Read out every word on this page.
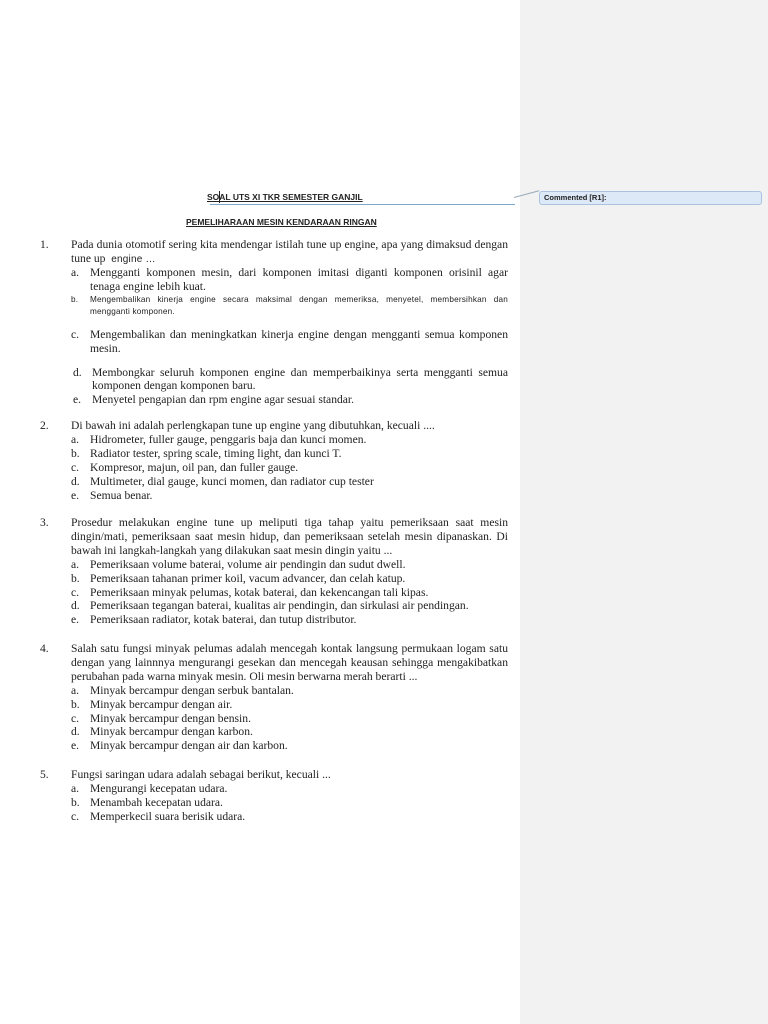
Commented [R1]:
SOAL UTS XI TKR SEMESTER GANJIL
PEMELIHARAAN MESIN KENDARAAN RINGAN
1.	Pada dunia otomotif sering kita mendengar istilah tune up engine, apa yang dimaksud dengan tune up engine …
a. Mengganti komponen mesin, dari komponen imitasi diganti komponen orisinil agar tenaga engine lebih kuat.
b.	Mengembalikan kinerja engine secara maksimal dengan memeriksa, menyetel, membersihkan dan mengganti komponen.
c. Mengembalikan dan meningkatkan kinerja engine dengan mengganti semua komponen mesin.
d. Membongkar seluruh komponen engine dan memperbaikinya serta mengganti semua komponen dengan komponen baru.
e. Menyetel pengapian dan rpm engine agar sesuai standar.
2.	Di bawah ini adalah perlengkapan tune up engine yang dibutuhkan, kecuali ....
a. Hidrometer, fuller gauge, penggaris baja dan kunci momen.
b. Radiator tester, spring scale, timing light, dan kunci T.
c. Kompresor, majun, oil pan, dan fuller gauge.
d. Multimeter, dial gauge, kunci momen, dan radiator cup tester
e. Semua benar.
3.	Prosedur melakukan engine tune up meliputi tiga tahap yaitu pemeriksaan saat mesin dingin/mati, pemeriksaan saat mesin hidup, dan pemeriksaan setelah mesin dipanaskan. Di bawah ini langkah-langkah yang dilakukan saat mesin dingin yaitu ...
a. Pemeriksaan volume baterai, volume air pendingin dan sudut dwell.
b. Pemeriksaan tahanan primer koil, vacum advancer, dan celah katup.
c. Pemeriksaan minyak pelumas, kotak baterai, dan kekencangan tali kipas.
d. Pemeriksaan tegangan baterai, kualitas air pendingin, dan sirkulasi air pendingan.
e. Pemeriksaan radiator, kotak baterai, dan tutup distributor.
4.	Salah satu fungsi minyak pelumas adalah mencegah kontak langsung permukaan logam satu dengan yang lainnnya mengurangi gesekan dan mencegah keausan sehingga mengakibatkan perubahan pada warna minyak mesin. Oli mesin berwarna merah berarti ...
a. Minyak bercampur dengan serbuk bantalan.
b. Minyak bercampur dengan air.
c. Minyak bercampur dengan bensin.
d. Minyak bercampur dengan karbon.
e. Minyak bercampur dengan air dan karbon.
5.	Fungsi saringan udara adalah sebagai berikut, kecuali ...
a. Mengurangi kecepatan udara.
b. Menambah kecepatan udara.
c. Memperkecil suara berisik udara.
